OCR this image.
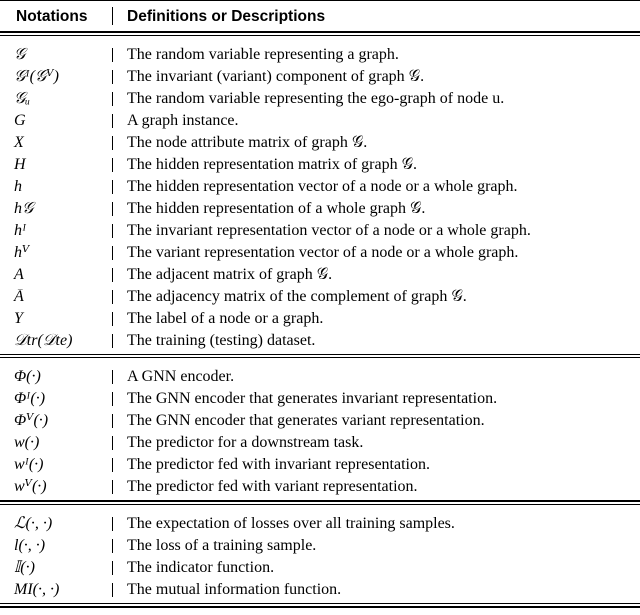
Notations	Definitions or Descriptions
𝒢	The random variable representing a graph.
𝒢ᴵ(𝒢ⱽ)	The invariant (variant) component of graph 𝒢.
𝒢ᵤ	The random variable representing the ego-graph of node u.
G	A graph instance.
X	The node attribute matrix of graph 𝒢.
H	The hidden representation matrix of graph 𝒢.
h	The hidden representation vector of a node or a whole graph.
h𝒢	The hidden representation of a whole graph 𝒢.
hᴵ	The invariant representation vector of a node or a whole graph.
hⱽ	The variant representation vector of a node or a whole graph.
A	The adjacent matrix of graph 𝒢.
Ā	The adjacency matrix of the complement of graph 𝒢.
Y	The label of a node or a graph.
𝒟tr(𝒟te)	The training (testing) dataset.
Φ(·)	A GNN encoder.
Φᴵ(·)	The GNN encoder that generates invariant representation.
Φⱽ(·)	The GNN encoder that generates variant representation.
w(·)	The predictor for a downstream task.
wᴵ(·)	The predictor fed with invariant representation.
wⱽ(·)	The predictor fed with variant representation.
ℒ(·, ·)	The expectation of losses over all training samples.
l(·, ·)	The loss of a training sample.
𝕀(·)	The indicator function.
MI(·, ·)	The mutual information function.
